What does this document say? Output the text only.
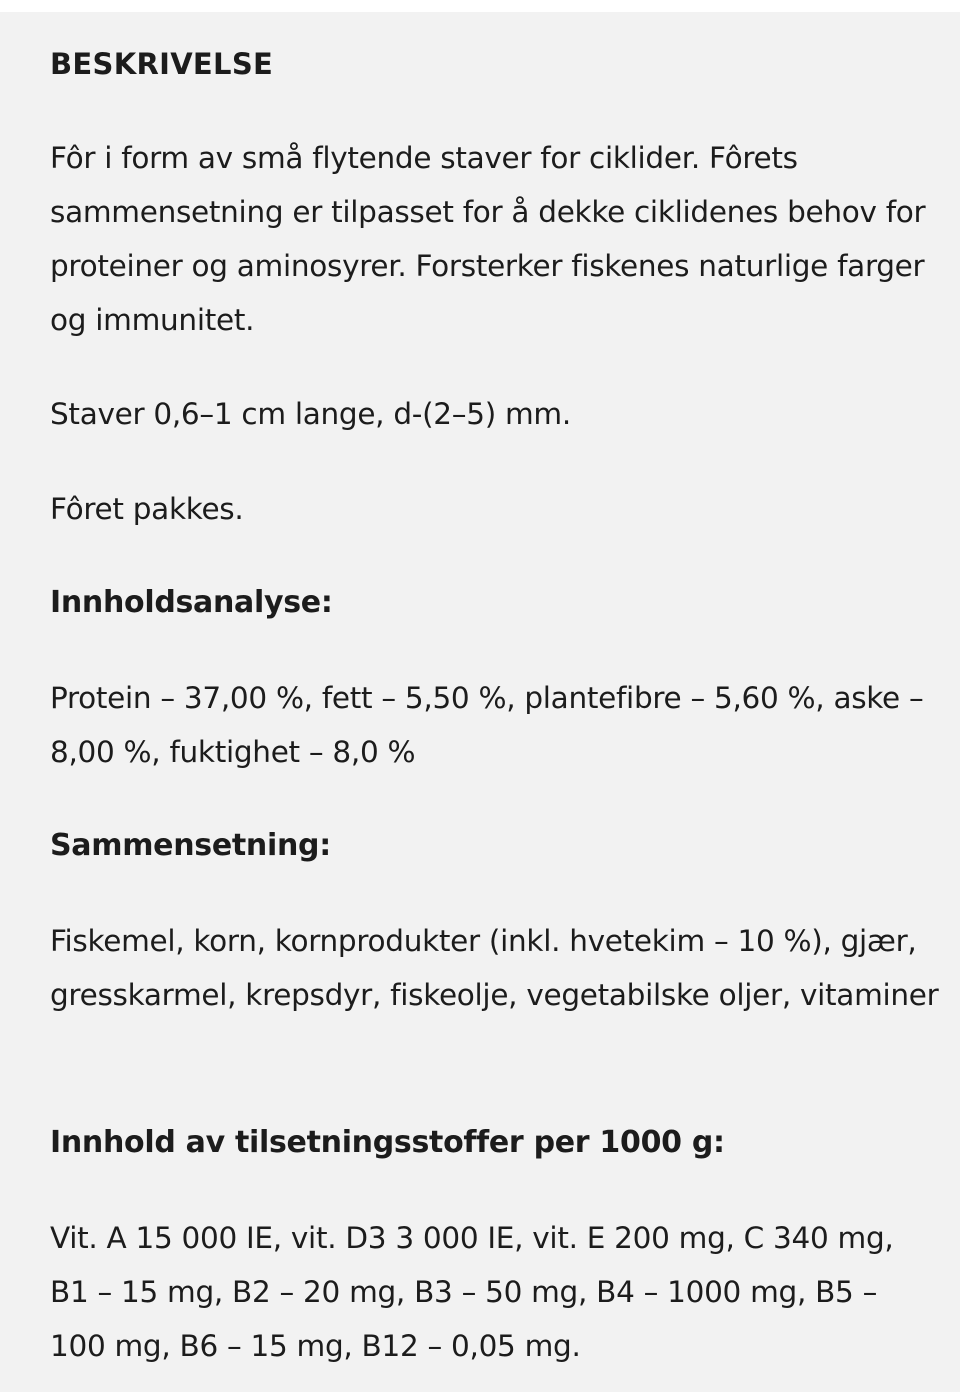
BESKRIVELSE

Fôr i form av små flytende staver for ciklider. Fôrets sammensetning er tilpasset for å dekke ciklidenes behov for proteiner og aminosyrer. Forsterker fiskenes naturlige farger og immunitet.

Staver 0,6–1 cm lange, d-(2–5) mm.

Fôret pakkes.

Innholdsanalyse:

Protein – 37,00 %, fett – 5,50 %, plantefibre – 5,60 %, aske – 8,00 %, fuktighet – 8,0 %

Sammensetning:

Fiskemel, korn, kornprodukter (inkl. hvetekim – 10 %), gjær, gresskarmel, krepsdyr, fiskeolje, vegetabilske oljer, vitaminer

Innhold av tilsetningsstoffer per 1000 g:

Vit. A 15 000 IE, vit. D3 3 000 IE, vit. E 200 mg, C 340 mg, B1 – 15 mg, B2 – 20 mg, B3 – 50 mg, B4 – 1000 mg, B5 – 100 mg, B6 – 15 mg, B12 – 0,05 mg.
